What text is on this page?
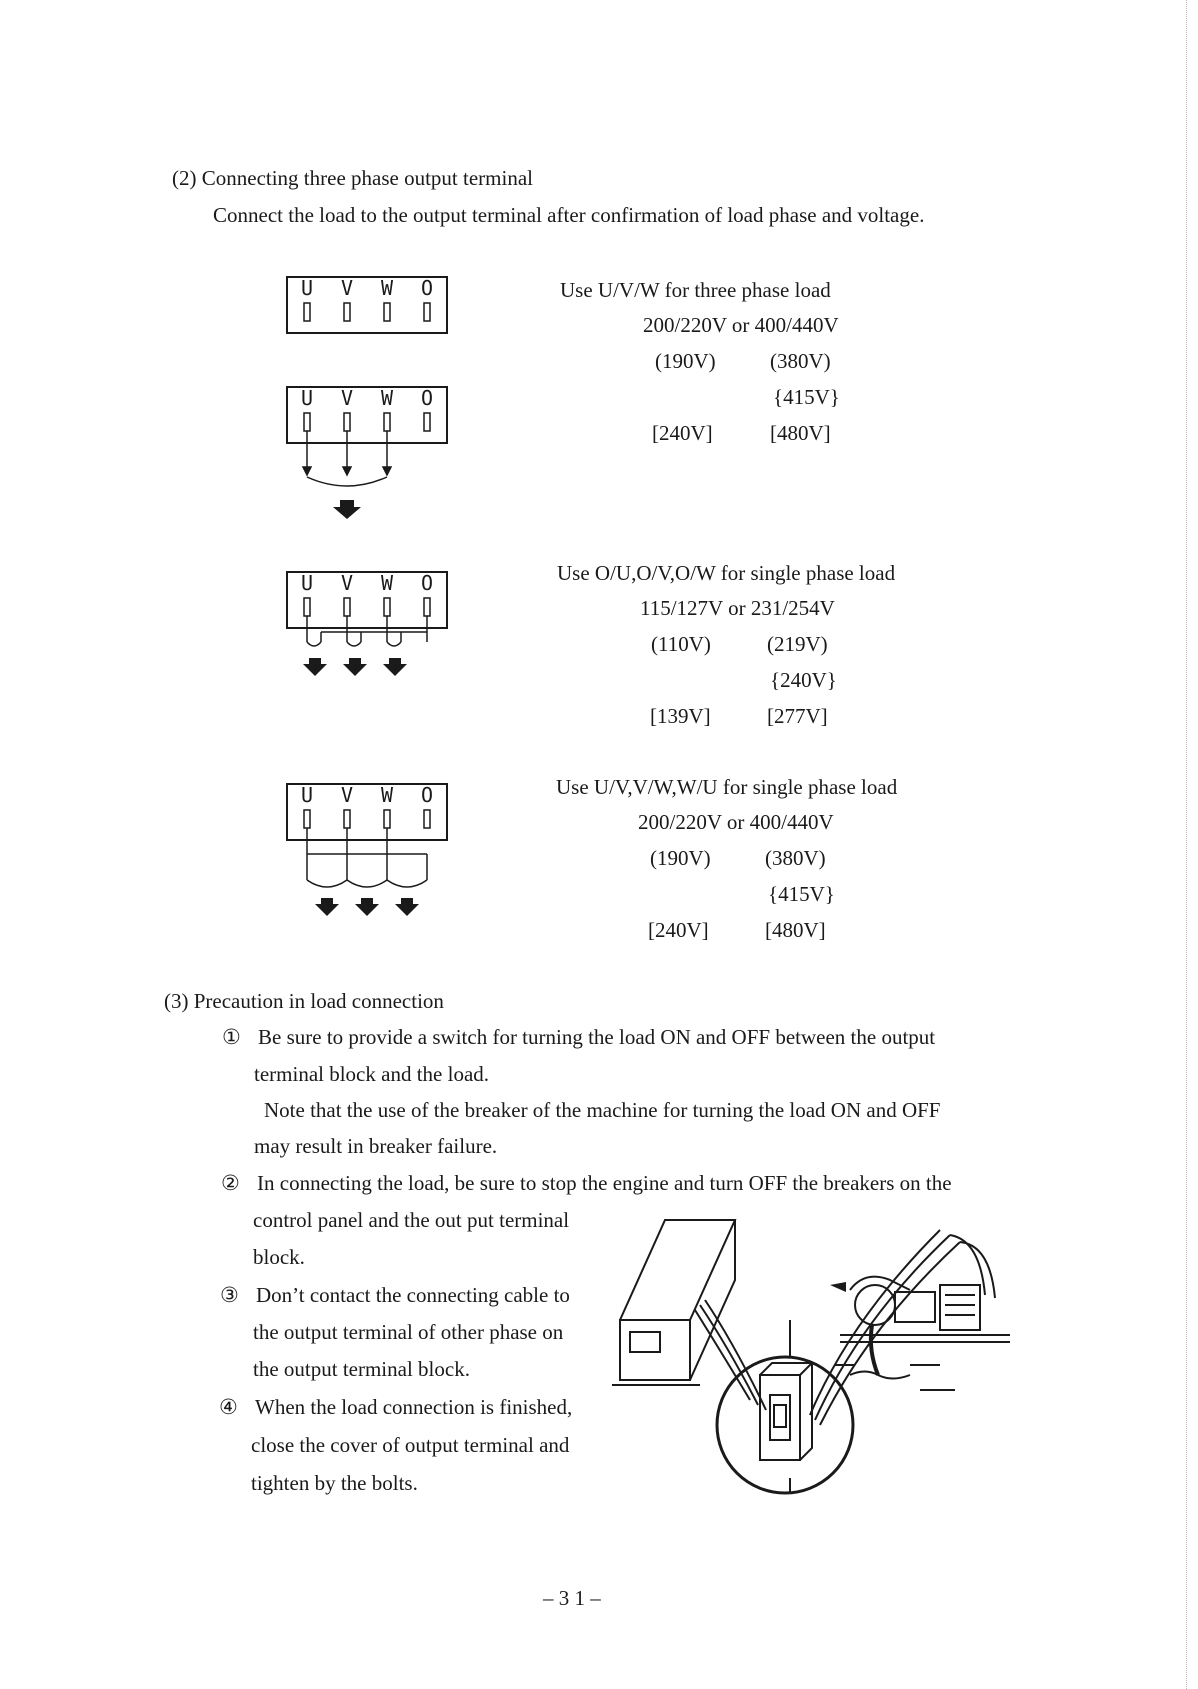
(2) Connecting three phase output terminal
Connect the load to the output terminal after confirmation of load phase and voltage.
U V W O
U V W O
U V W O
U V W O
Use U/V/W for three phase load
200/220V or 400/440V
(190V)	(380V)
{415V}
[240V]	[480V]
Use O/U,O/V,O/W for single phase load
115/127V or 231/254V
(110V)	(219V)
{240V}
[139V]	[277V]
Use U/V,V/W,W/U for single phase load
200/220V or 400/440V
(190V)	(380V)
{415V}
[240V]	[480V]
(3) Precaution in load connection
① Be sure to provide a switch for turning the load ON and OFF between the output
terminal block and the load.
Note that the use of the breaker of the machine for turning the load ON and OFF
may result in breaker failure.
② In connecting the load, be sure to stop the engine and turn OFF the breakers on the
control panel and the out put terminal
block.
③ Don’t contact the connecting cable to
the output terminal of other phase on
the output terminal block.
④ When the load connection is finished,
close the cover of output terminal and
tighten by the bolts.
– 3 1 –
